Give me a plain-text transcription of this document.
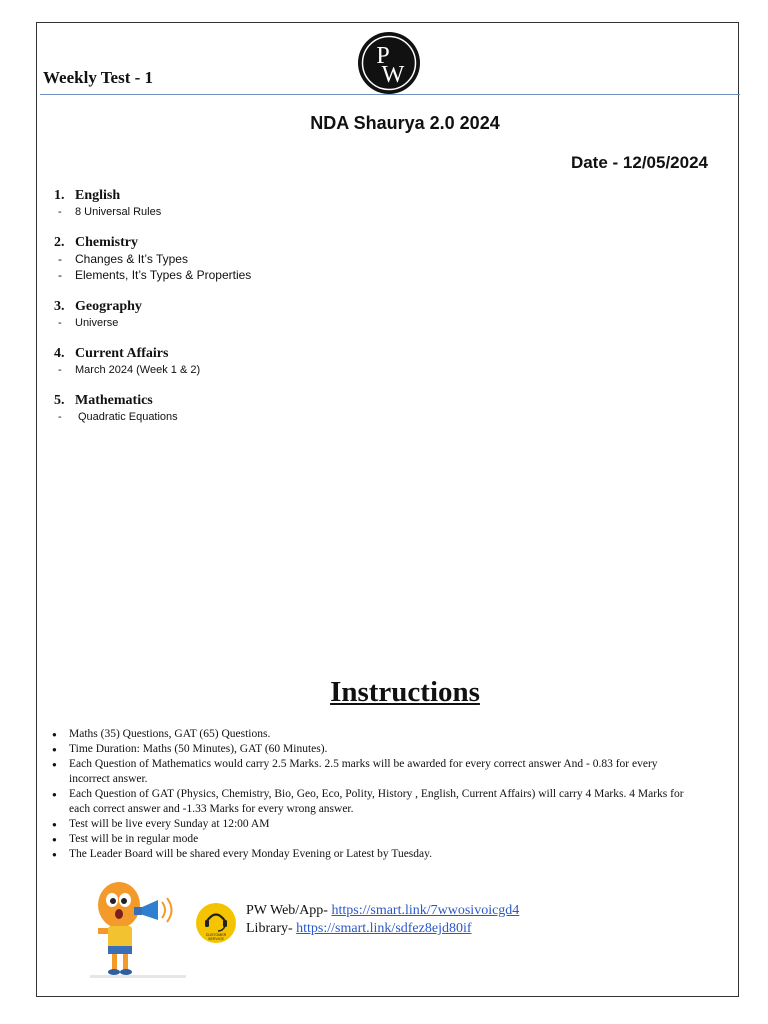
P
W
Weekly Test - 1
NDA Shaurya 2.0 2024
Date - 12/05/2024
1. English
- 8 Universal Rules
2. Chemistry
- Changes & It’s Types
- Elements, It’s Types & Properties
3. Geography
- Universe
4. Current Affairs
- March 2024 (Week 1 & 2)
5. Mathematics
- Quadratic Equations
Instructions
● Maths (35) Questions, GAT (65) Questions.
● Time Duration: Maths (50 Minutes), GAT (60 Minutes).
● Each Question of Mathematics would carry 2.5 Marks. 2.5 marks will be awarded for every correct answer And - 0.83 for every incorrect answer.
● Each Question of GAT (Physics, Chemistry, Bio, Geo, Eco, Polity, History , English, Current Affairs) will carry 4 Marks. 4 Marks for each correct answer and -1.33 Marks for every wrong answer.
● Test will be live every Sunday at 12:00 AM
● Test will be in regular mode
● The Leader Board will be shared every Monday Evening or Latest by Tuesday.
CUSTOMER
SERVICE
PW Web/App- https://smart.link/7wwosivoicgd4
Library- https://smart.link/sdfez8ejd80if
